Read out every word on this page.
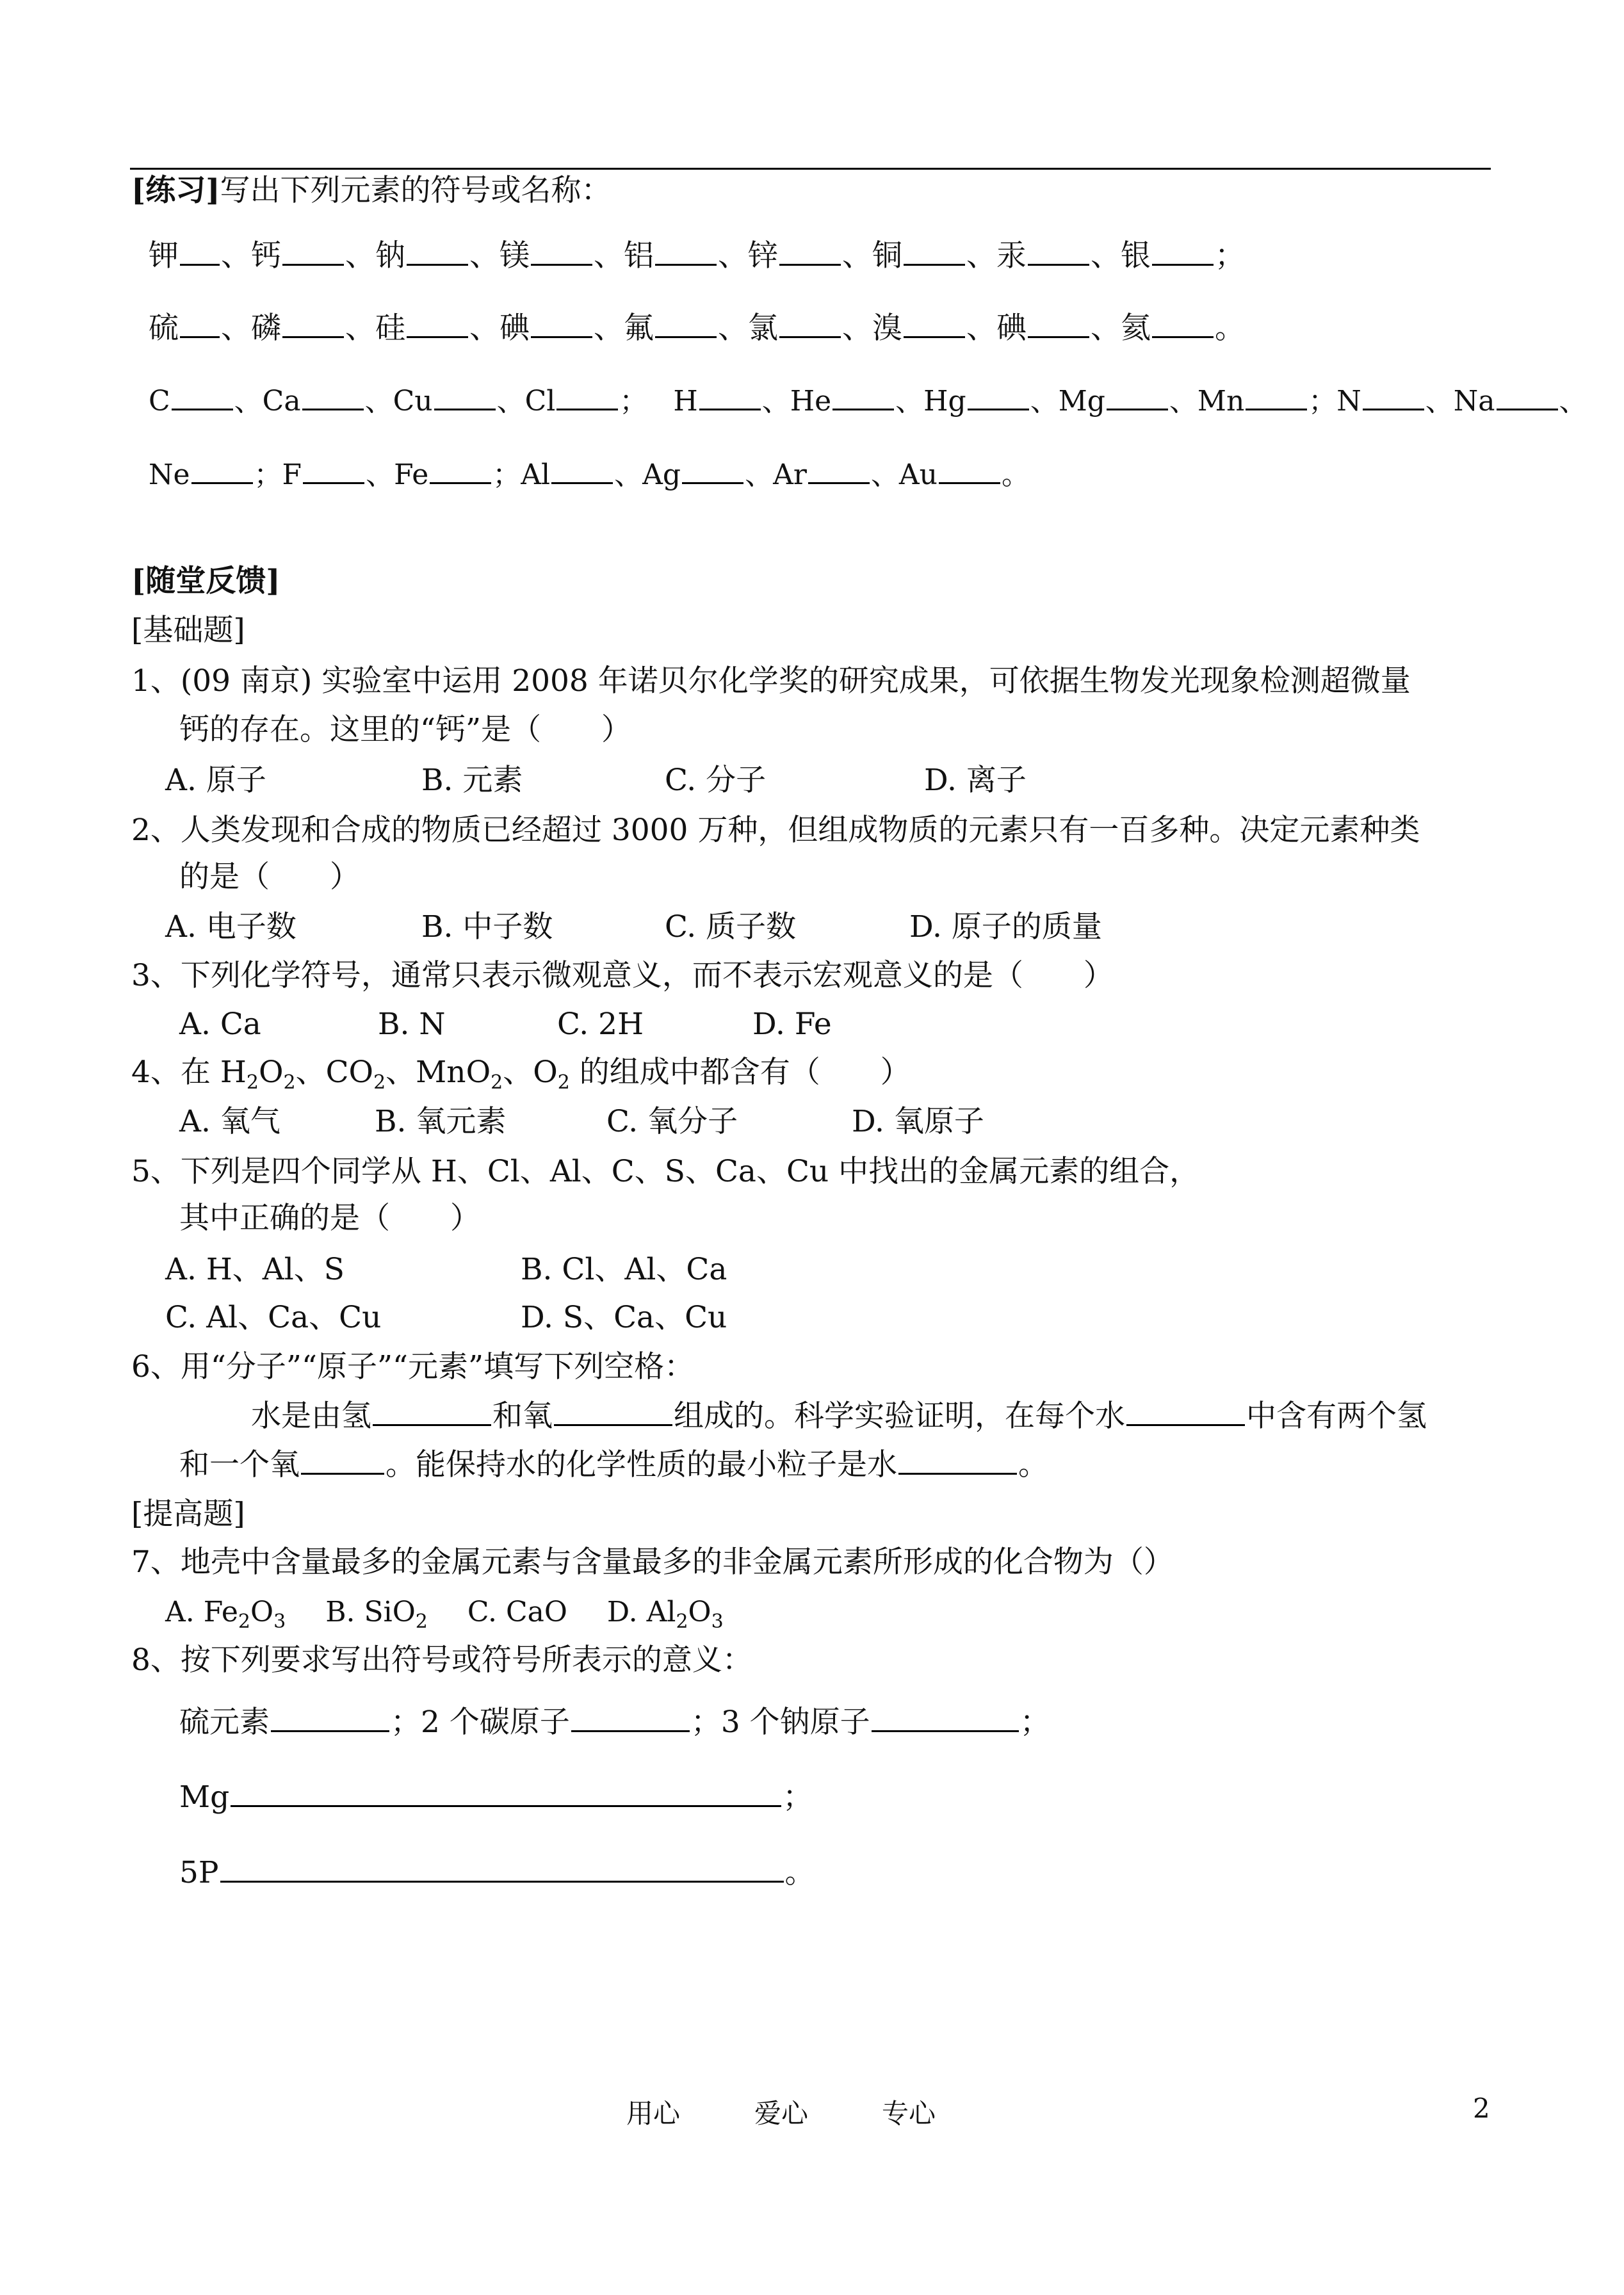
[练习]写出下列元素的符号或名称：
钾 、钙 、钠 、镁 、铝 、锌 、铜 、汞 、银 ；
硫 、磷 、硅 、碘 、氟 、氯 、溴 、碘 、氦 。
C 、Ca 、Cu 、Cl ； H 、He 、Hg 、Mg 、Mn ；N 、Na 、
Ne ；F 、Fe ；Al 、Ag 、Ar 、Au 。
[随堂反馈]
[基础题]
1、(09 南京) 实验室中运用 2008 年诺贝尔化学奖的研究成果，可依据生物发光现象检测超微量
钙的存在。这里的“钙”是（　　）
A. 原子	B. 元素	C. 分子	D. 离子
2、人类发现和合成的物质已经超过 3000 万种，但组成物质的元素只有一百多种。决定元素种类
的是（　　）
A. 电子数	B. 中子数	C. 质子数	D. 原子的质量
3、下列化学符号，通常只表示微观意义，而不表示宏观意义的是（　　）
A. Ca	B. N	C. 2H	D. Fe
4、在 $H_2O_2$、$CO_2$、MnO$_2$、$O_2$ 的组成中都含有（　　）
A. 氧气	B. 氧元素	C. 氧分子	D. 氧原子
5、下列是四个同学从 H、Cl、Al、C、S、Ca、Cu 中找出的金属元素的组合，
其中正确的是（　　）
A. H、Al、S	B. Cl、Al、Ca
C. Al、Ca、Cu	D. S、Ca、Cu
6、用“分子”“原子”“元素”填写下列空格：
水是由氢	和氧	组成的。科学实验证明，在每个水	中含有两个氢
和一个氧	。能保持水的化学性质的最小粒子是水	。
[提高题]
7、地壳中含量最多的金属元素与含量最多的非金属元素所形成的化合物为（）
A. $Fe_2O_3$ B. SiO$_2$ C. CaO D. $Al_2O_3$
8、按下列要求写出符号或符号所表示的意义：
硫元素	；2 个碳原子	；3 个钠原子	；
Mg	；
5P	。
用心	爱心	专心	2
